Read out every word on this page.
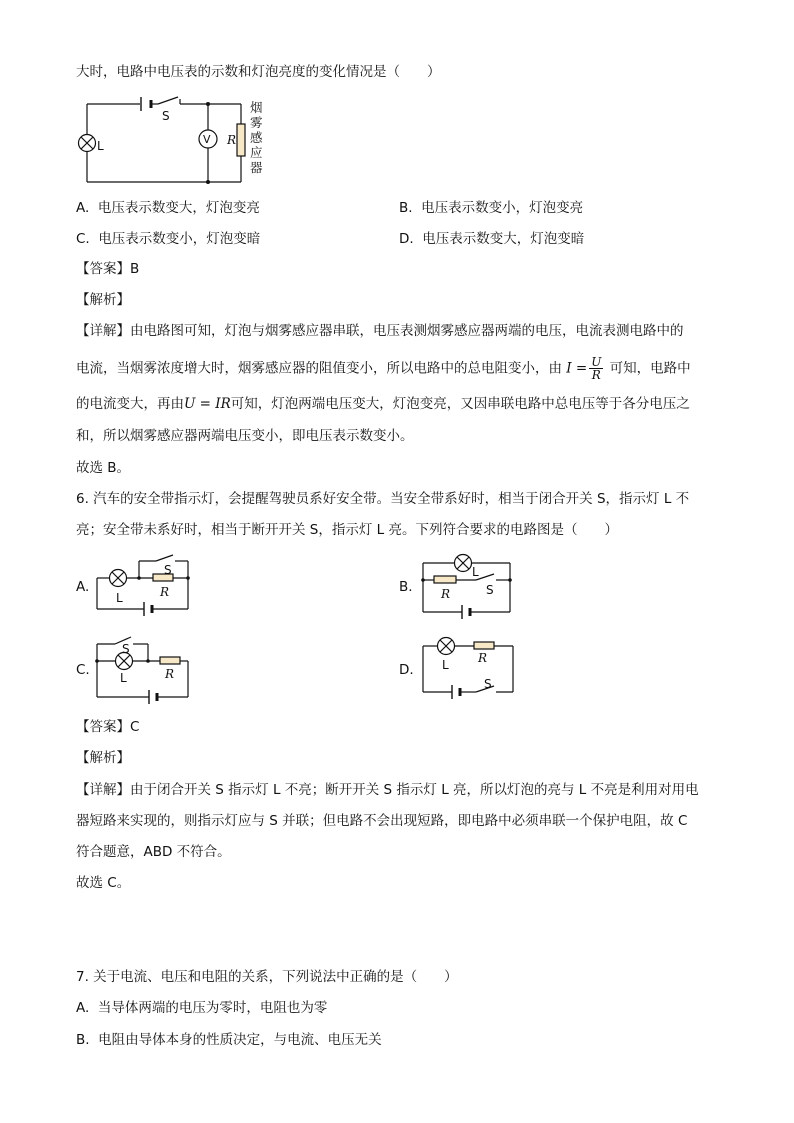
大时，电路中电压表的示数和灯泡亮度的变化情况是（　　）
L
S
V R
烟
雾
感
应
器
A. 电压表示数变大，灯泡变亮	B. 电压表示数变小，灯泡变亮
C. 电压表示数变小，灯泡变暗	D. 电压表示数变大，灯泡变暗
【答案】B
【解析】
【详解】由电路图可知，灯泡与烟雾感应器串联，电压表测烟雾感应器两端的电压，电流表测电路中的
电流，当烟雾浓度增大时，烟雾感应器的阻值变小，所以电路中的总电阻变小，由 $I = \frac{U}{R}$ 可知，电路中
的电流变大，再由U = IR可知，灯泡两端电压变大，灯泡变亮，又因串联电路中总电压等于各分电压之
和，所以烟雾感应器两端电压变小，即电压表示数变小。
故选 B。
6. 汽车的安全带指示灯，会提醒驾驶员系好安全带。当安全带系好时，相当于闭合开关 S，指示灯 L 不
亮；安全带未系好时，相当于断开开关 S，指示灯 L 亮。下列符合要求的电路图是（　　）
A.	B.
C.	D.
L
S
R
L
S
R
S
L	R
L R
S
【答案】C
【解析】
【详解】由于闭合开关 S 指示灯 L 不亮；断开开关 S 指示灯 L 亮，所以灯泡的亮与 L 不亮是利用对用电
器短路来实现的，则指示灯应与 S 并联；但电路不会出现短路，即电路中必须串联一个保护电阻，故 C
符合题意，ABD 不符合。
故选 C。
7. 关于电流、电压和电阻的关系，下列说法中正确的是（　　）
A. 当导体两端的电压为零时，电阻也为零
B. 电阻由导体本身的性质决定，与电流、电压无关
